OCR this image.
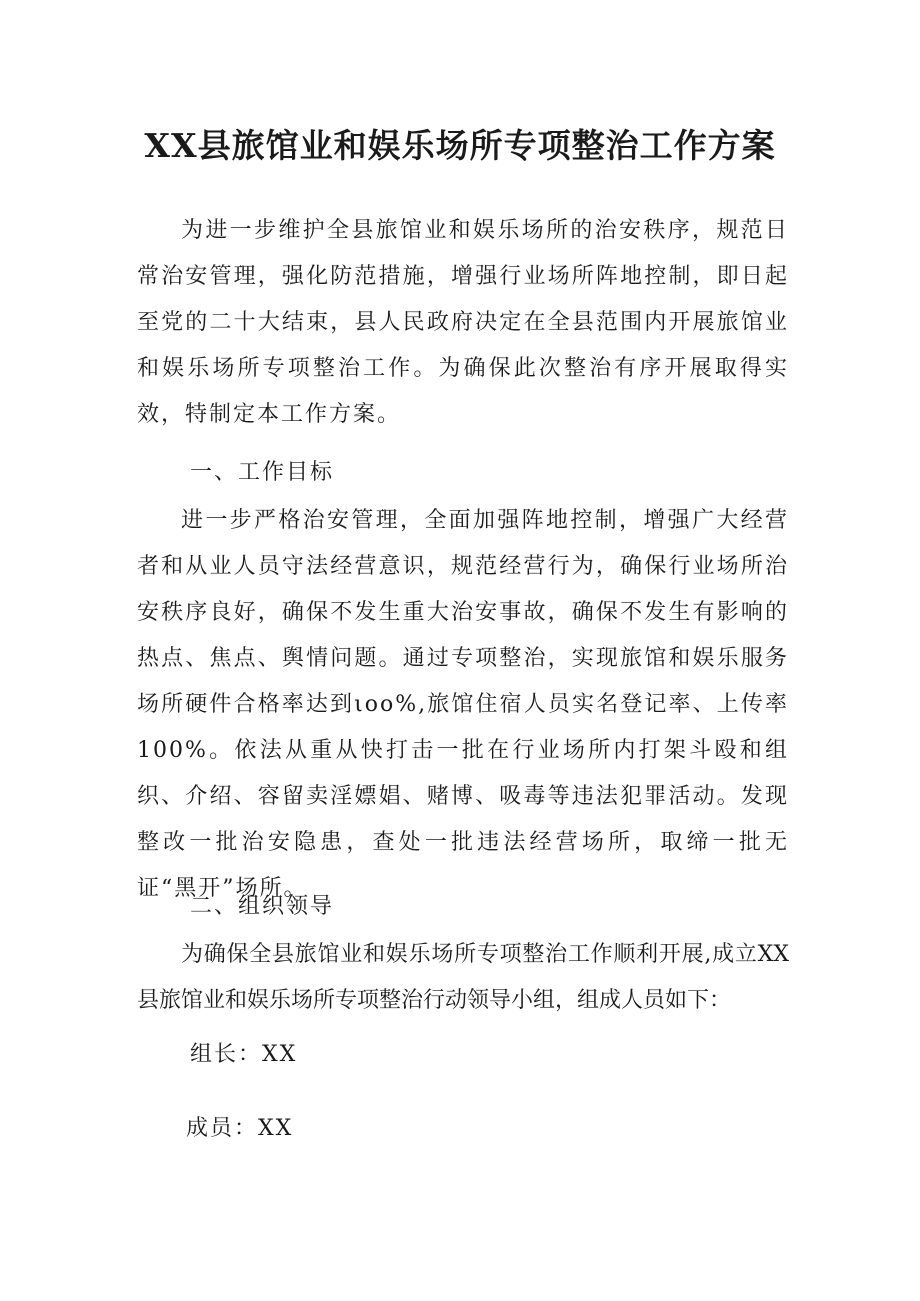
XX县旅馆业和娱乐场所专项整治工作方案

为进一步维护全县旅馆业和娱乐场所的治安秩序，规范日常治安管理，强化防范措施，增强行业场所阵地控制，即日起至党的二十大结束，县人民政府决定在全县范围内开展旅馆业和娱乐场所专项整治工作。为确保此次整治有序开展取得实效，特制定本工作方案。

一、工作目标

进一步严格治安管理，全面加强阵地控制，增强广大经营者和从业人员守法经营意识，规范经营行为，确保行业场所治安秩序良好，确保不发生重大治安事故，确保不发生有影响的热点、焦点、舆情问题。通过专项整治，实现旅馆和娱乐服务场所硬件合格率达到ιoo%,旅馆住宿人员实名登记率、上传率100%。依法从重从快打击一批在行业场所内打架斗殴和组织、介绍、容留卖淫嫖娼、赌博、吸毒等违法犯罪活动。发现整改一批治安隐患，查处一批违法经营场所，取缔一批无证“黑开”场所。

二、组织领导

为确保全县旅馆业和娱乐场所专项整治工作顺利开展,成立XX县旅馆业和娱乐场所专项整治行动领导小组，组成人员如下：

组长：XX

成员：XX
